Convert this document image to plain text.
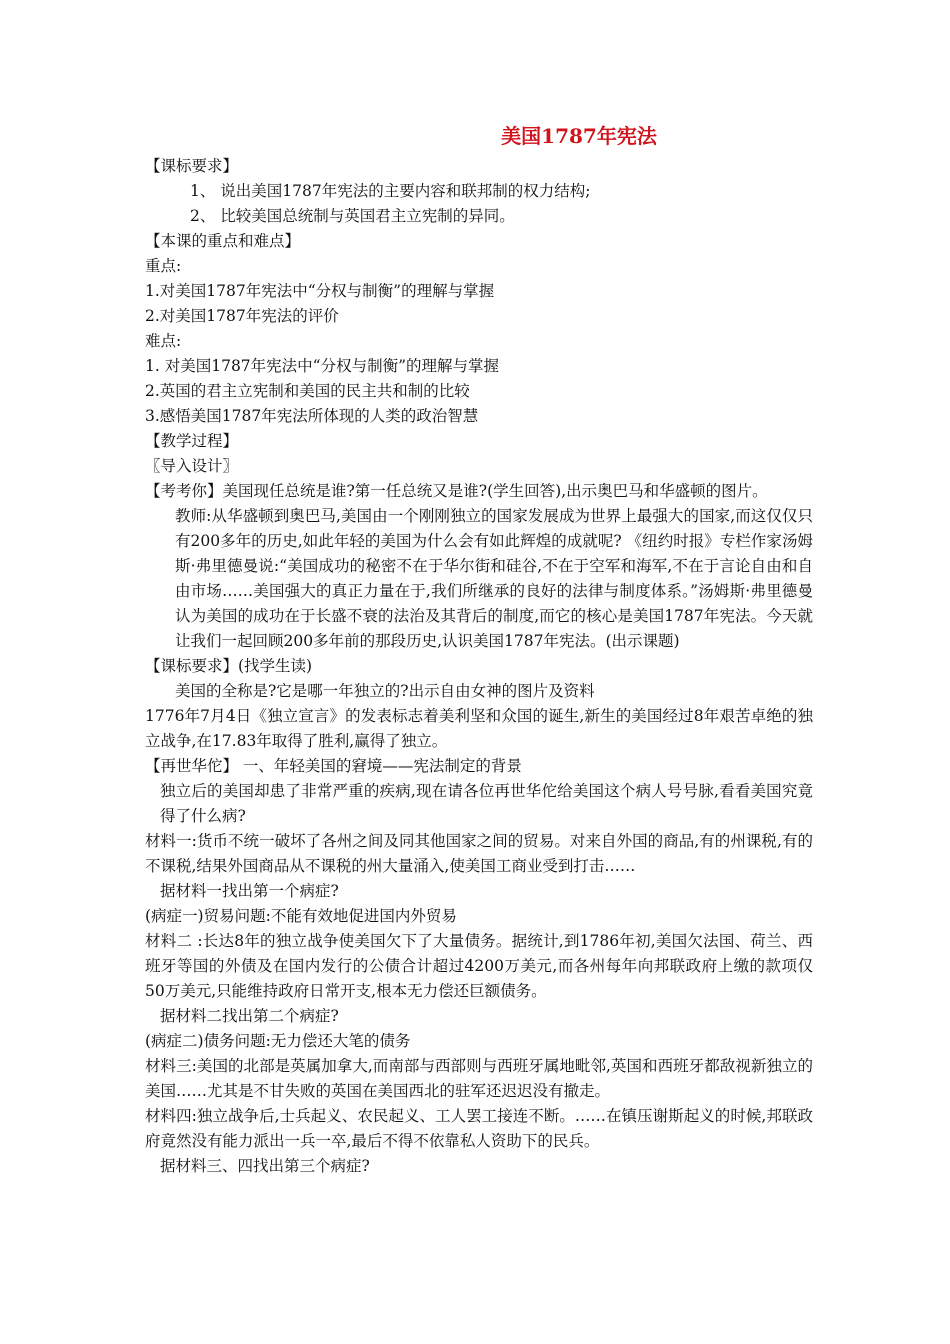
美国1787年宪法
【课标要求】
1、 说出美国1787年宪法的主要内容和联邦制的权力结构;
2、 比较美国总统制与英国君主立宪制的异同。
【本课的重点和难点】
重点:
1.对美国1787年宪法中“分权与制衡”的理解与掌握
2.对美国1787年宪法的评价
难点:
1. 对美国1787年宪法中“分权与制衡”的理解与掌握
2.英国的君主立宪制和美国的民主共和制的比较
3.感悟美国1787年宪法所体现的人类的政治智慧
【教学过程】
〖导入设计〗
【考考你】美国现任总统是谁?第一任总统又是谁?(学生回答),出示奥巴马和华盛顿的图片。
教师:从华盛顿到奥巴马,美国由一个刚刚独立的国家发展成为世界上最强大的国家,而这仅仅只有200多年的历史,如此年轻的美国为什么会有如此辉煌的成就呢? 《纽约时报》专栏作家汤姆斯·弗里德曼说:“美国成功的秘密不在于华尔街和硅谷,不在于空军和海军,不在于言论自由和自由市场……美国强大的真正力量在于,我们所继承的良好的法律与制度体系。”汤姆斯·弗里德曼认为美国的成功在于长盛不衰的法治及其背后的制度,而它的核心是美国1787年宪法。今天就让我们一起回顾200多年前的那段历史,认识美国1787年宪法。(出示课题)
【课标要求】(找学生读)
美国的全称是?它是哪一年独立的?出示自由女神的图片及资料
1776年7月4日《独立宣言》的发表标志着美利坚和众国的诞生,新生的美国经过8年艰苦卓绝的独立战争,在17.83年取得了胜利,赢得了独立。
【再世华佗】 一、年轻美国的窘境——宪法制定的背景
独立后的美国却患了非常严重的疾病,现在请各位再世华佗给美国这个病人号号脉,看看美国究竟得了什么病?
材料一:货币不统一破坏了各州之间及同其他国家之间的贸易。对来自外国的商品,有的州课税,有的不课税,结果外国商品从不课税的州大量涌入,使美国工商业受到打击……
据材料一找出第一个病症?
(病症一)贸易问题:不能有效地促进国内外贸易
材料二 :长达8年的独立战争使美国欠下了大量债务。据统计,到1786年初,美国欠法国、荷兰、西班牙等国的外债及在国内发行的公债合计超过4200万美元,而各州每年向邦联政府上缴的款项仅50万美元,只能维持政府日常开支,根本无力偿还巨额债务。
据材料二找出第二个病症?
(病症二)债务问题:无力偿还大笔的债务
材料三:美国的北部是英属加拿大,而南部与西部则与西班牙属地毗邻,英国和西班牙都敌视新独立的美国……尤其是不甘失败的英国在美国西北的驻军还迟迟没有撤走。
材料四:独立战争后,士兵起义、农民起义、工人罢工接连不断。……在镇压谢斯起义的时候,邦联政府竟然没有能力派出一兵一卒,最后不得不依靠私人资助下的民兵。
据材料三、四找出第三个病症?
